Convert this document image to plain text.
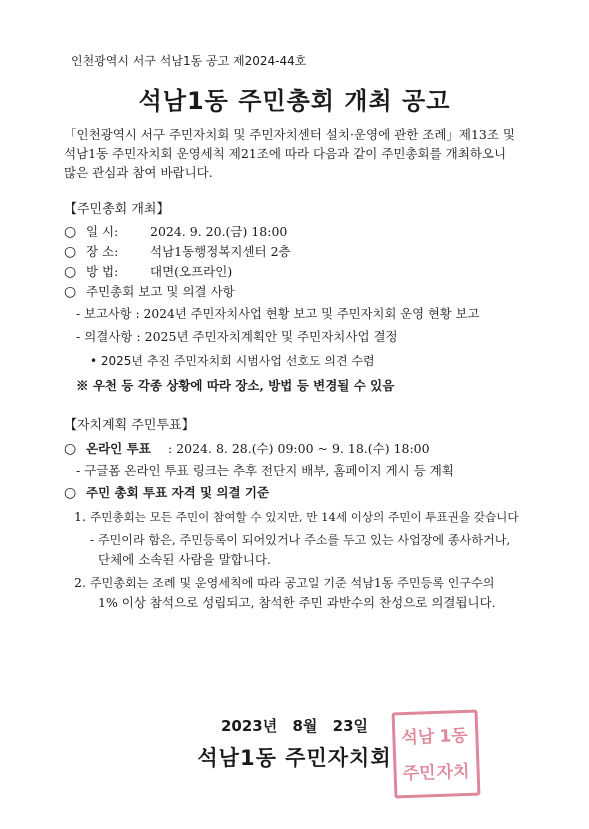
인천광역시 서구 석남1동 공고 제2024-44호
석남1동 주민총회 개최 공고
「인천광역시 서구 주민자치회 및 주민자치센터 설치·운영에 관한 조례」제13조 및
석남1동 주민자치회 운영세칙 제21조에 따라 다음과 같이 주민총회를 개최하오니
많은 관심과 참여 바랍니다.
【주민총회 개최】
○ 일 시:	2024. 9. 20.(금) 18:00
○ 장 소:	석남1동행정복지센터 2층
○ 방 법:	대면(오프라인)
○ 주민총회 보고 및 의결 사항
- 보고사항 : 2024년 주민자치사업 현황 보고 및 주민자치회 운영 현황 보고
- 의결사항 : 2025년 주민자치계획안 및 주민자치사업 결정
• 2025년 추진 주민자치회 시범사업 선호도 의견 수렴
※ 우천 등 각종 상황에 따라 장소, 방법 등 변경될 수 있음
【자치계획 주민투표】
○ 온라인 투표 : 2024. 8. 28.(수) 09:00 ~ 9. 18.(수) 18:00
- 구글폼 온라인 투표 링크는 추후 전단지 배부, 홈페이지 게시 등 계획
○ 주민 총회 투표 자격 및 의결 기준
1. 주민총회는 모든 주민이 참여할 수 있지만, 만 14세 이상의 주민이 투표권을 갖습니다
- 주민이라 함은, 주민등록이 되어있거나 주소를 두고 있는 사업장에 종사하거나,
단체에 소속된 사람을 말합니다.
2. 주민총회는 조례 및 운영세칙에 따라 공고일 기준 석남1동 주민등록 인구수의
1% 이상 참석으로 성립되고, 참석한 주민 과반수의 찬성으로 의결됩니다.
2023년 8월 23일
석남 1동
주민 자치
석남1동 주민자치회
